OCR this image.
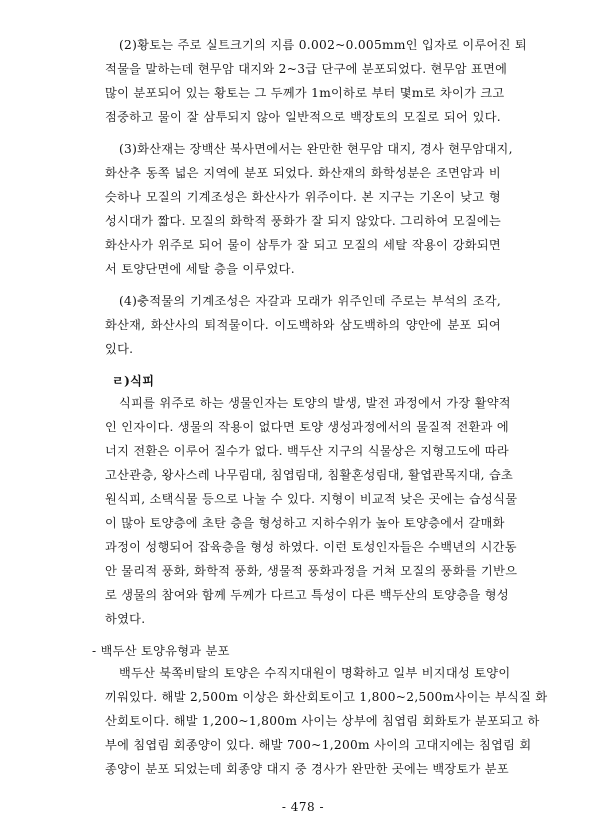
(2)황토는 주로 실트크기의 지름 0.002~0.005mm인 입자로 이루어진 퇴
적물을 말하는데 현무암 대지와 2~3급 단구에 분포되었다. 현무암 표면에
많이 분포되어 있는 황토는 그 두께가 1m이하로 부터 몇m로 차이가 크고
점중하고 물이 잘 삼투되지 않아 일반적으로 백장토의 모질로 되어 있다.
(3)화산재는 장백산 북사면에서는 완만한 현무암 대지, 경사 현무암대지,
화산추 동쪽 넓은 지역에 분포 되었다. 화산재의 화학성분은 조면암과 비
슷하나 모질의 기계조성은 화산사가 위주이다. 본 지구는 기온이 낮고 형
성시대가 짧다. 모질의 화학적 풍화가 잘 되지 않았다. 그리하여 모질에는
화산사가 위주로 되어 물이 삼투가 잘 되고 모질의 세탈 작용이 강화되면
서 토양단면에 세탈 층을 이루었다.
(4)충적물의 기계조성은 자갈과 모래가 위주인데 주로는 부석의 조각,
화산재, 화산사의 퇴적물이다. 이도백하와 삼도백하의 양안에 분포 되여
있다.
ㄹ)식피
식피를 위주로 하는 생물인자는 토양의 발생, 발전 과정에서 가장 활약적
인 인자이다. 생물의 작용이 없다면 토양 생성과정에서의 물질적 전환과 에
너지 전환은 이루어 질수가 없다. 백두산 지구의 식물상은 지형고도에 따라
고산관층, 왕사스레 나무림대, 침엽림대, 침활혼성림대, 활엽관목지대, 습초
원식피, 소택식물 등으로 나눌 수 있다. 지형이 비교적 낮은 곳에는 습성식물
이 많아 토양층에 초탄 층을 형성하고 지하수위가 높아 토양층에서 갈매화
과정이 성행되어 잡육층을 형성 하였다. 이런 토성인자들은 수백년의 시간동
안 물리적 풍화, 화학적 풍화, 생물적 풍화과정을 거쳐 모질의 풍화를 기반으
로 생물의 참여와 함께 두께가 다르고 특성이 다른 백두산의 토양층을 형성
하였다.
- 백두산 토양유형과 분포
백두산 북쪽비탈의 토양은 수직지대원이 명확하고 일부 비지대성 토양이
끼워있다. 해발 2,500m 이상은 화산회토이고 1,800~2,500m사이는 부식질 화
산회토이다. 해발 1,200~1,800m 사이는 상부에 침엽림 회화토가 분포되고 하
부에 침엽림 회종양이 있다. 해발 700~1,200m 사이의 고대지에는 침엽림 회
종양이 분포 되었는데 회종양 대지 중 경사가 완만한 곳에는 백장토가 분포
- 478 -
